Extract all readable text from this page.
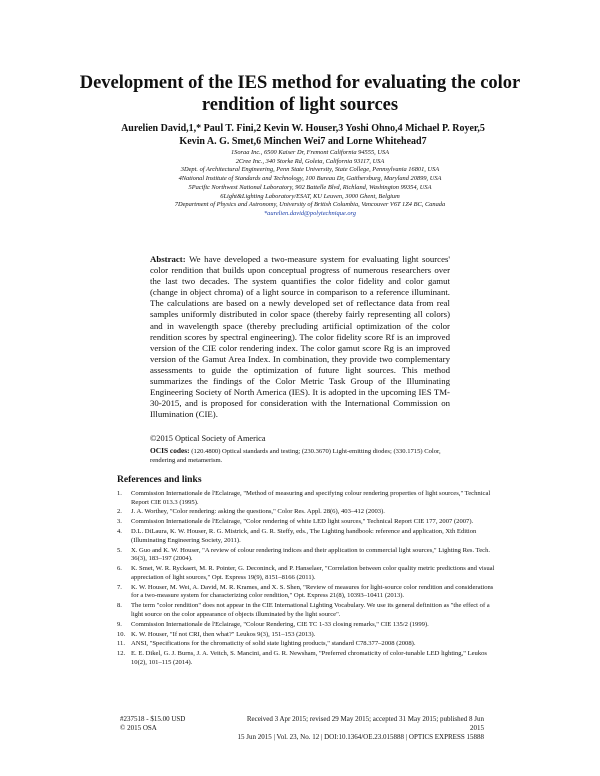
Development of the IES method for evaluating the color rendition of light sources
Aurelien David,1,* Paul T. Fini,2 Kevin W. Houser,3 Yoshi Ohno,4 Michael P. Royer,5 Kevin A. G. Smet,6 Minchen Wei7 and Lorne Whitehead7
1Soraa Inc., 6500 Kaiser Dr, Fremont California 94555, USA
2Cree Inc., 340 Storke Rd, Goleta, California 93117, USA
3Dept. of Architectural Engineering, Penn State University, State College, Pennsylvania 16801, USA
4National Institute of Standards and Technology, 100 Bureau Dr, Gaithersburg, Maryland 20899, USA
5Pacific Northwest National Laboratory, 902 Battelle Blvd, Richland, Washington 99354, USA
6Light&Lighting Laboratory/ESAT, KU Leuven, 3000 Ghent, Belgium
7Department of Physics and Astronomy, University of British Columbia, Vancouver V6T 1Z4 BC, Canada
*aurelien.david@polytechnique.org
Abstract: We have developed a two-measure system for evaluating light sources' color rendition that builds upon conceptual progress of numerous researchers over the last two decades. The system quantifies the color fidelity and color gamut (change in object chroma) of a light source in comparison to a reference illuminant. The calculations are based on a newly developed set of reflectance data from real samples uniformly distributed in color space (thereby fairly representing all colors) and in wavelength space (thereby precluding artificial optimization of the color rendition scores by spectral engineering). The color fidelity score Rf is an improved version of the CIE color rendering index. The color gamut score Rg is an improved version of the Gamut Area Index. In combination, they provide two complementary assessments to guide the optimization of future light sources. This method summarizes the findings of the Color Metric Task Group of the Illuminating Engineering Society of North America (IES). It is adopted in the upcoming IES TM-30-2015, and is proposed for consideration with the International Commission on Illumination (CIE).
©2015 Optical Society of America
OCIS codes: (120.4800) Optical standards and testing; (230.3670) Light-emitting diodes; (330.1715) Color, rendering and metamerism.
References and links
1.	Commission Internationale de l'Eclairage, "Method of measuring and specifying colour rendering properties of light sources," Technical Report CIE 013.3 (1995).
2.	J. A. Worthey, "Color rendering: asking the questions," Color Res. Appl. 28(6), 403–412 (2003).
3.	Commission Internationale de l'Eclairage, "Color rendering of white LED light sources," Technical Report CIE 177, 2007 (2007).
4.	D.L. DiLaura, K. W. Houser, R. G. Mistrick, and G. R. Steffy, eds., The Lighting handbook: reference and application, Xth Edition (Illuminating Engineering Society, 2011).
5.	X. Guo and K. W. Houser, "A review of colour rendering indices and their application to commercial light sources," Lighting Res. Tech. 36(3), 183–197 (2004).
6.	K. Smet, W. R. Ryckaert, M. R. Pointer, G. Deconinck, and P. Hanselaer, "Correlation between color quality metric predictions and visual appreciation of light sources," Opt. Express 19(9), 8151–8166 (2011).
7.	K. W. Houser, M. Wei, A. David, M. R. Krames, and X. S. Shen, "Review of measures for light-source color rendition and considerations for a two-measure system for characterizing color rendition," Opt. Express 21(8), 10393–10411 (2013).
8.	The term "color rendition" does not appear in the CIE International Lighting Vocabulary. We use its general definition as "the effect of a light source on the color appearance of objects illuminated by the light source".
9.	Commission Internationale de l'Eclairage, "Colour Rendering, CIE TC 1-33 closing remarks," CIE 135/2 (1999).
10. K. W. Houser, "If not CRI, then what?" Leukos 9(3), 151–153 (2013).
11. ANSI, "Specifications for the chromaticity of solid state lighting products," standard C78.377–2008 (2008).
12. E. E. Dikel, G. J. Burns, J. A. Veitch, S. Mancini, and G. R. Newsham, "Preferred chromaticity of color-tunable LED lighting," Leukos 10(2), 101–115 (2014).
#237518 - $15.00 USD
© 2015 OSA
Received 3 Apr 2015; revised 29 May 2015; accepted 31 May 2015; published 8 Jun 2015
15 Jun 2015 | Vol. 23, No. 12 | DOI:10.1364/OE.23.015888 | OPTICS EXPRESS 15888
